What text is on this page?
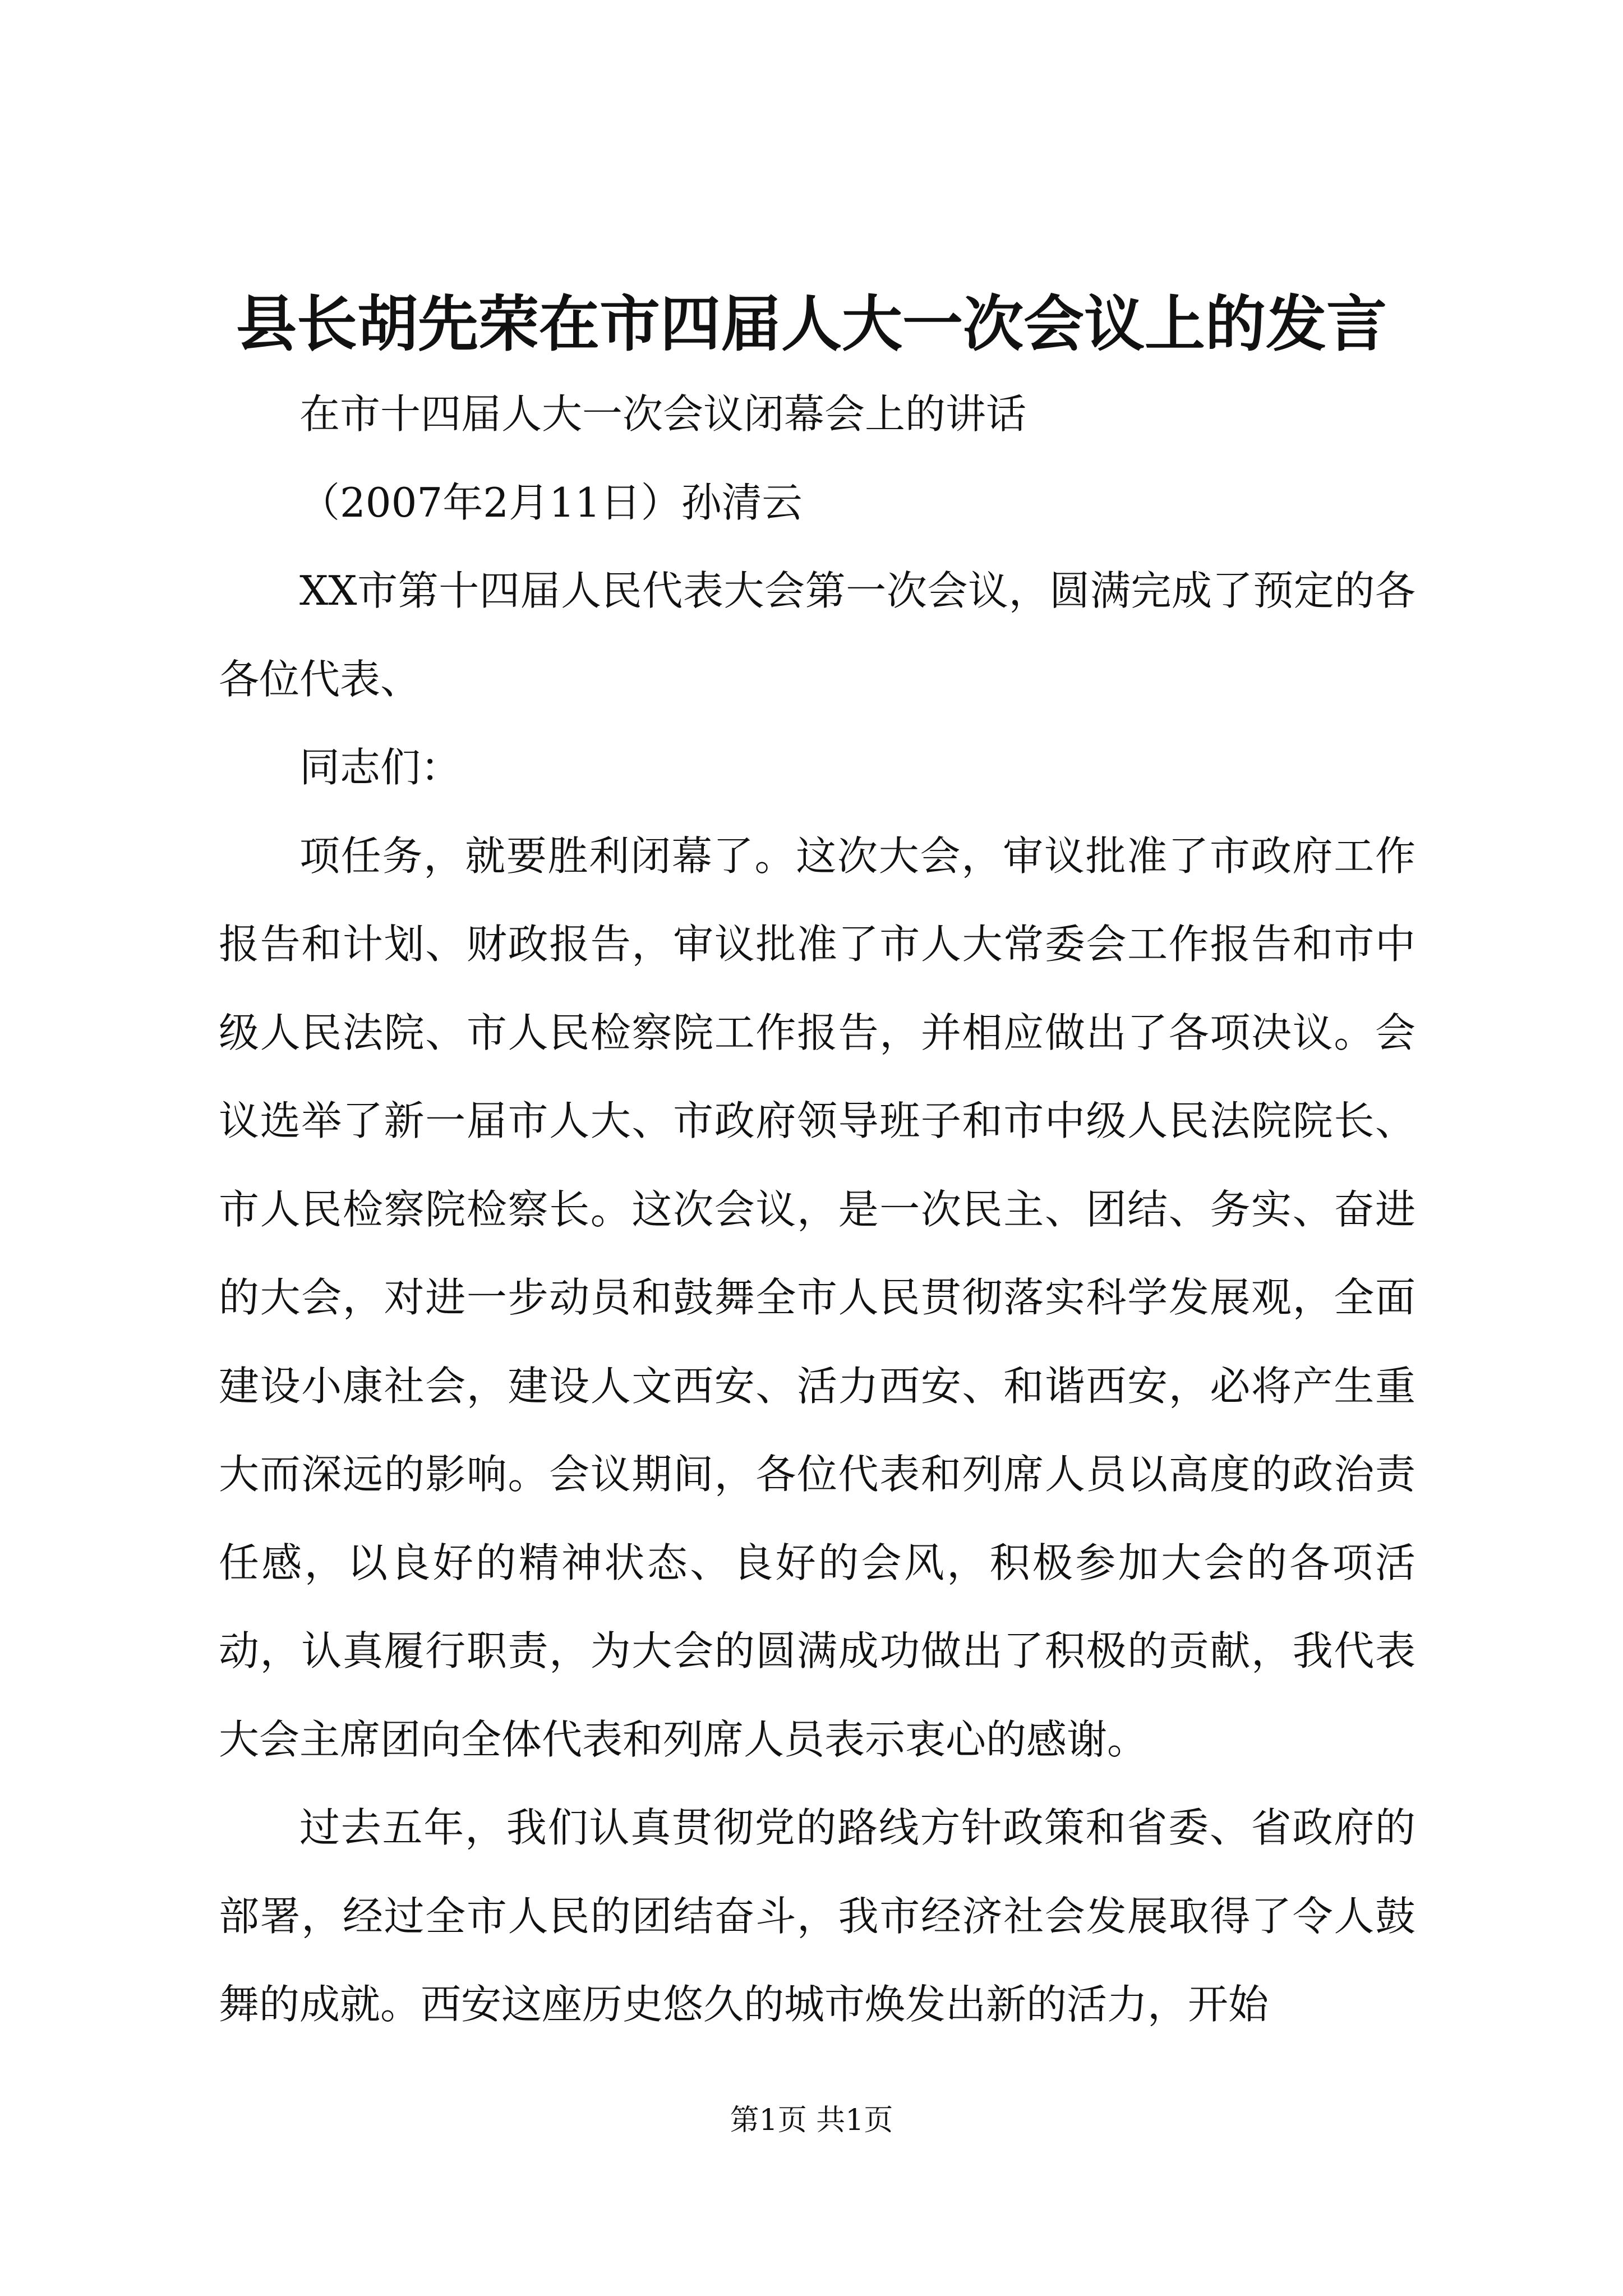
县长胡先荣在市四届人大一次会议上的发言

在市十四届人大一次会议闭幕会上的讲话

（2007年2月11日）孙清云

XX市第十四届人民代表大会第一次会议，圆满完成了预定的各各位代表、

同志们：

项任务，就要胜利闭幕了。这次大会，审议批准了市政府工作报告和计划、财政报告，审议批准了市人大常委会工作报告和市中级人民法院、市人民检察院工作报告，并相应做出了各项决议。会议选举了新一届市人大、市政府领导班子和市中级人民法院院长、市人民检察院检察长。这次会议，是一次民主、团结、务实、奋进的大会，对进一步动员和鼓舞全市人民贯彻落实科学发展观，全面建设小康社会，建设人文西安、活力西安、和谐西安，必将产生重大而深远的影响。会议期间，各位代表和列席人员以高度的政治责任感，以良好的精神状态、良好的会风，积极参加大会的各项活动，认真履行职责，为大会的圆满成功做出了积极的贡献，我代表大会主席团向全体代表和列席人员表示衷心的感谢。

过去五年，我们认真贯彻党的路线方针政策和省委、省政府的部署，经过全市人民的团结奋斗，我市经济社会发展取得了令人鼓舞的成就。西安这座历史悠久的城市焕发出新的活力，开始

第1页 共1页
